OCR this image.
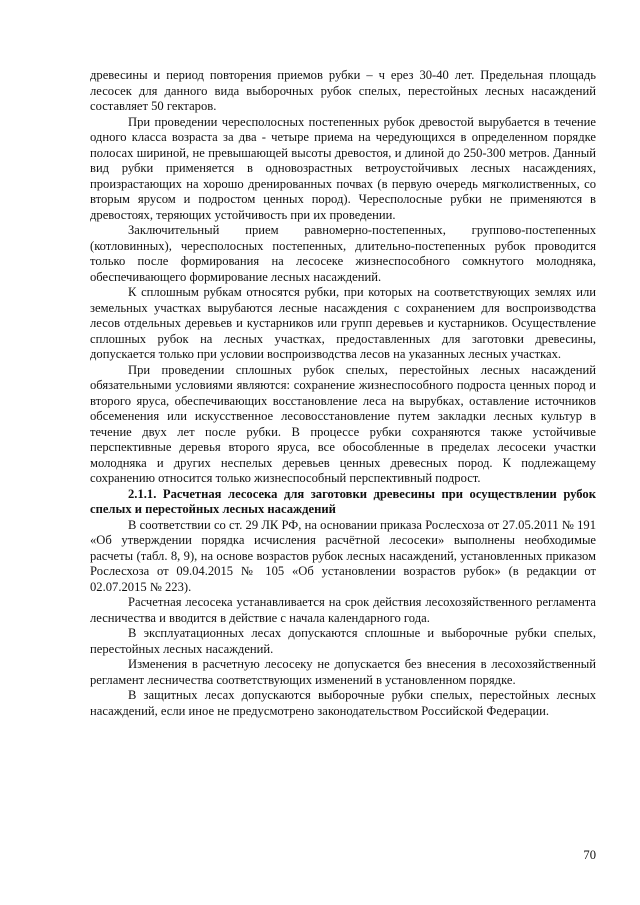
древесины и период повторения приемов рубки – ч ерез 30-40 лет. Предельная площадь лесосек для данного вида выборочных рубок спелых, перестойных лесных насаждений составляет 50 гектаров.

При проведении чересполосных постепенных рубок древостой вырубается в течение одного класса возраста за два - четыре приема на чередующихся в определенном порядке полосах шириной, не превышающей высоты древостоя, и длиной до 250-300 метров. Данный вид рубки применяется в одновозрастных ветроустойчивых лесных насаждениях, произрастающих на хорошо дренированных почвах (в первую очередь мягколиственных, со вторым ярусом и подростом ценных пород). Чересполосные рубки не применяются в древостоях, теряющих устойчивость при их проведении.

Заключительный прием равномерно-постепенных, группово-постепенных (котловинных), чересполосных постепенных, длительно-постепенных рубок проводится только после формирования на лесосеке жизнеспособного сомкнутого молодняка, обеспечивающего формирование лесных насаждений.

К сплошным рубкам относятся рубки, при которых на соответствующих землях или земельных участках вырубаются лесные насаждения с сохранением для воспроизводства лесов отдельных деревьев и кустарников или групп деревьев и кустарников. Осуществление сплошных рубок на лесных участках, предоставленных для заготовки древесины, допускается только при условии воспроизводства лесов на указанных лесных участках.

При проведении сплошных рубок спелых, перестойных лесных насаждений обязательными условиями являются: сохранение жизнеспособного подроста ценных пород и второго яруса, обеспечивающих восстановление леса на вырубках, оставление источников обсеменения или искусственное лесовосстановление путем закладки лесных культур в течение двух лет после рубки. В процессе рубки сохраняются также устойчивые перспективные деревья второго яруса, все обособленные в пределах лесосеки участки молодняка и других неспелых деревьев ценных древесных пород. К подлежащему сохранению относится только жизнеспособный перспективный подрост.

2.1.1. Расчетная лесосека для заготовки древесины при осуществлении рубок спелых и перестойных лесных насаждений

В соответствии со ст. 29 ЛК РФ, на основании приказа Рослесхоза от 27.05.2011 № 191 «Об утверждении порядка исчисления расчётной лесосеки» выполнены необходимые расчеты (табл. 8, 9), на основе возрастов рубок лесных насаждений, установленных приказом Рослесхоза от 09.04.2015 № 105 «Об установлении возрастов рубок» (в редакции от 02.07.2015 № 223).

Расчетная лесосека устанавливается на срок действия лесохозяйственного регламента лесничества и вводится в действие с начала календарного года.

В эксплуатационных лесах допускаются сплошные и выборочные рубки спелых, перестойных лесных насаждений.

Изменения в расчетную лесосеку не допускается без внесения в лесохозяйственный регламент лесничества соответствующих изменений в установленном порядке.

В защитных лесах допускаются выборочные рубки спелых, перестойных лесных насаждений, если иное не предусмотрено законодательством Российской Федерации.

70
